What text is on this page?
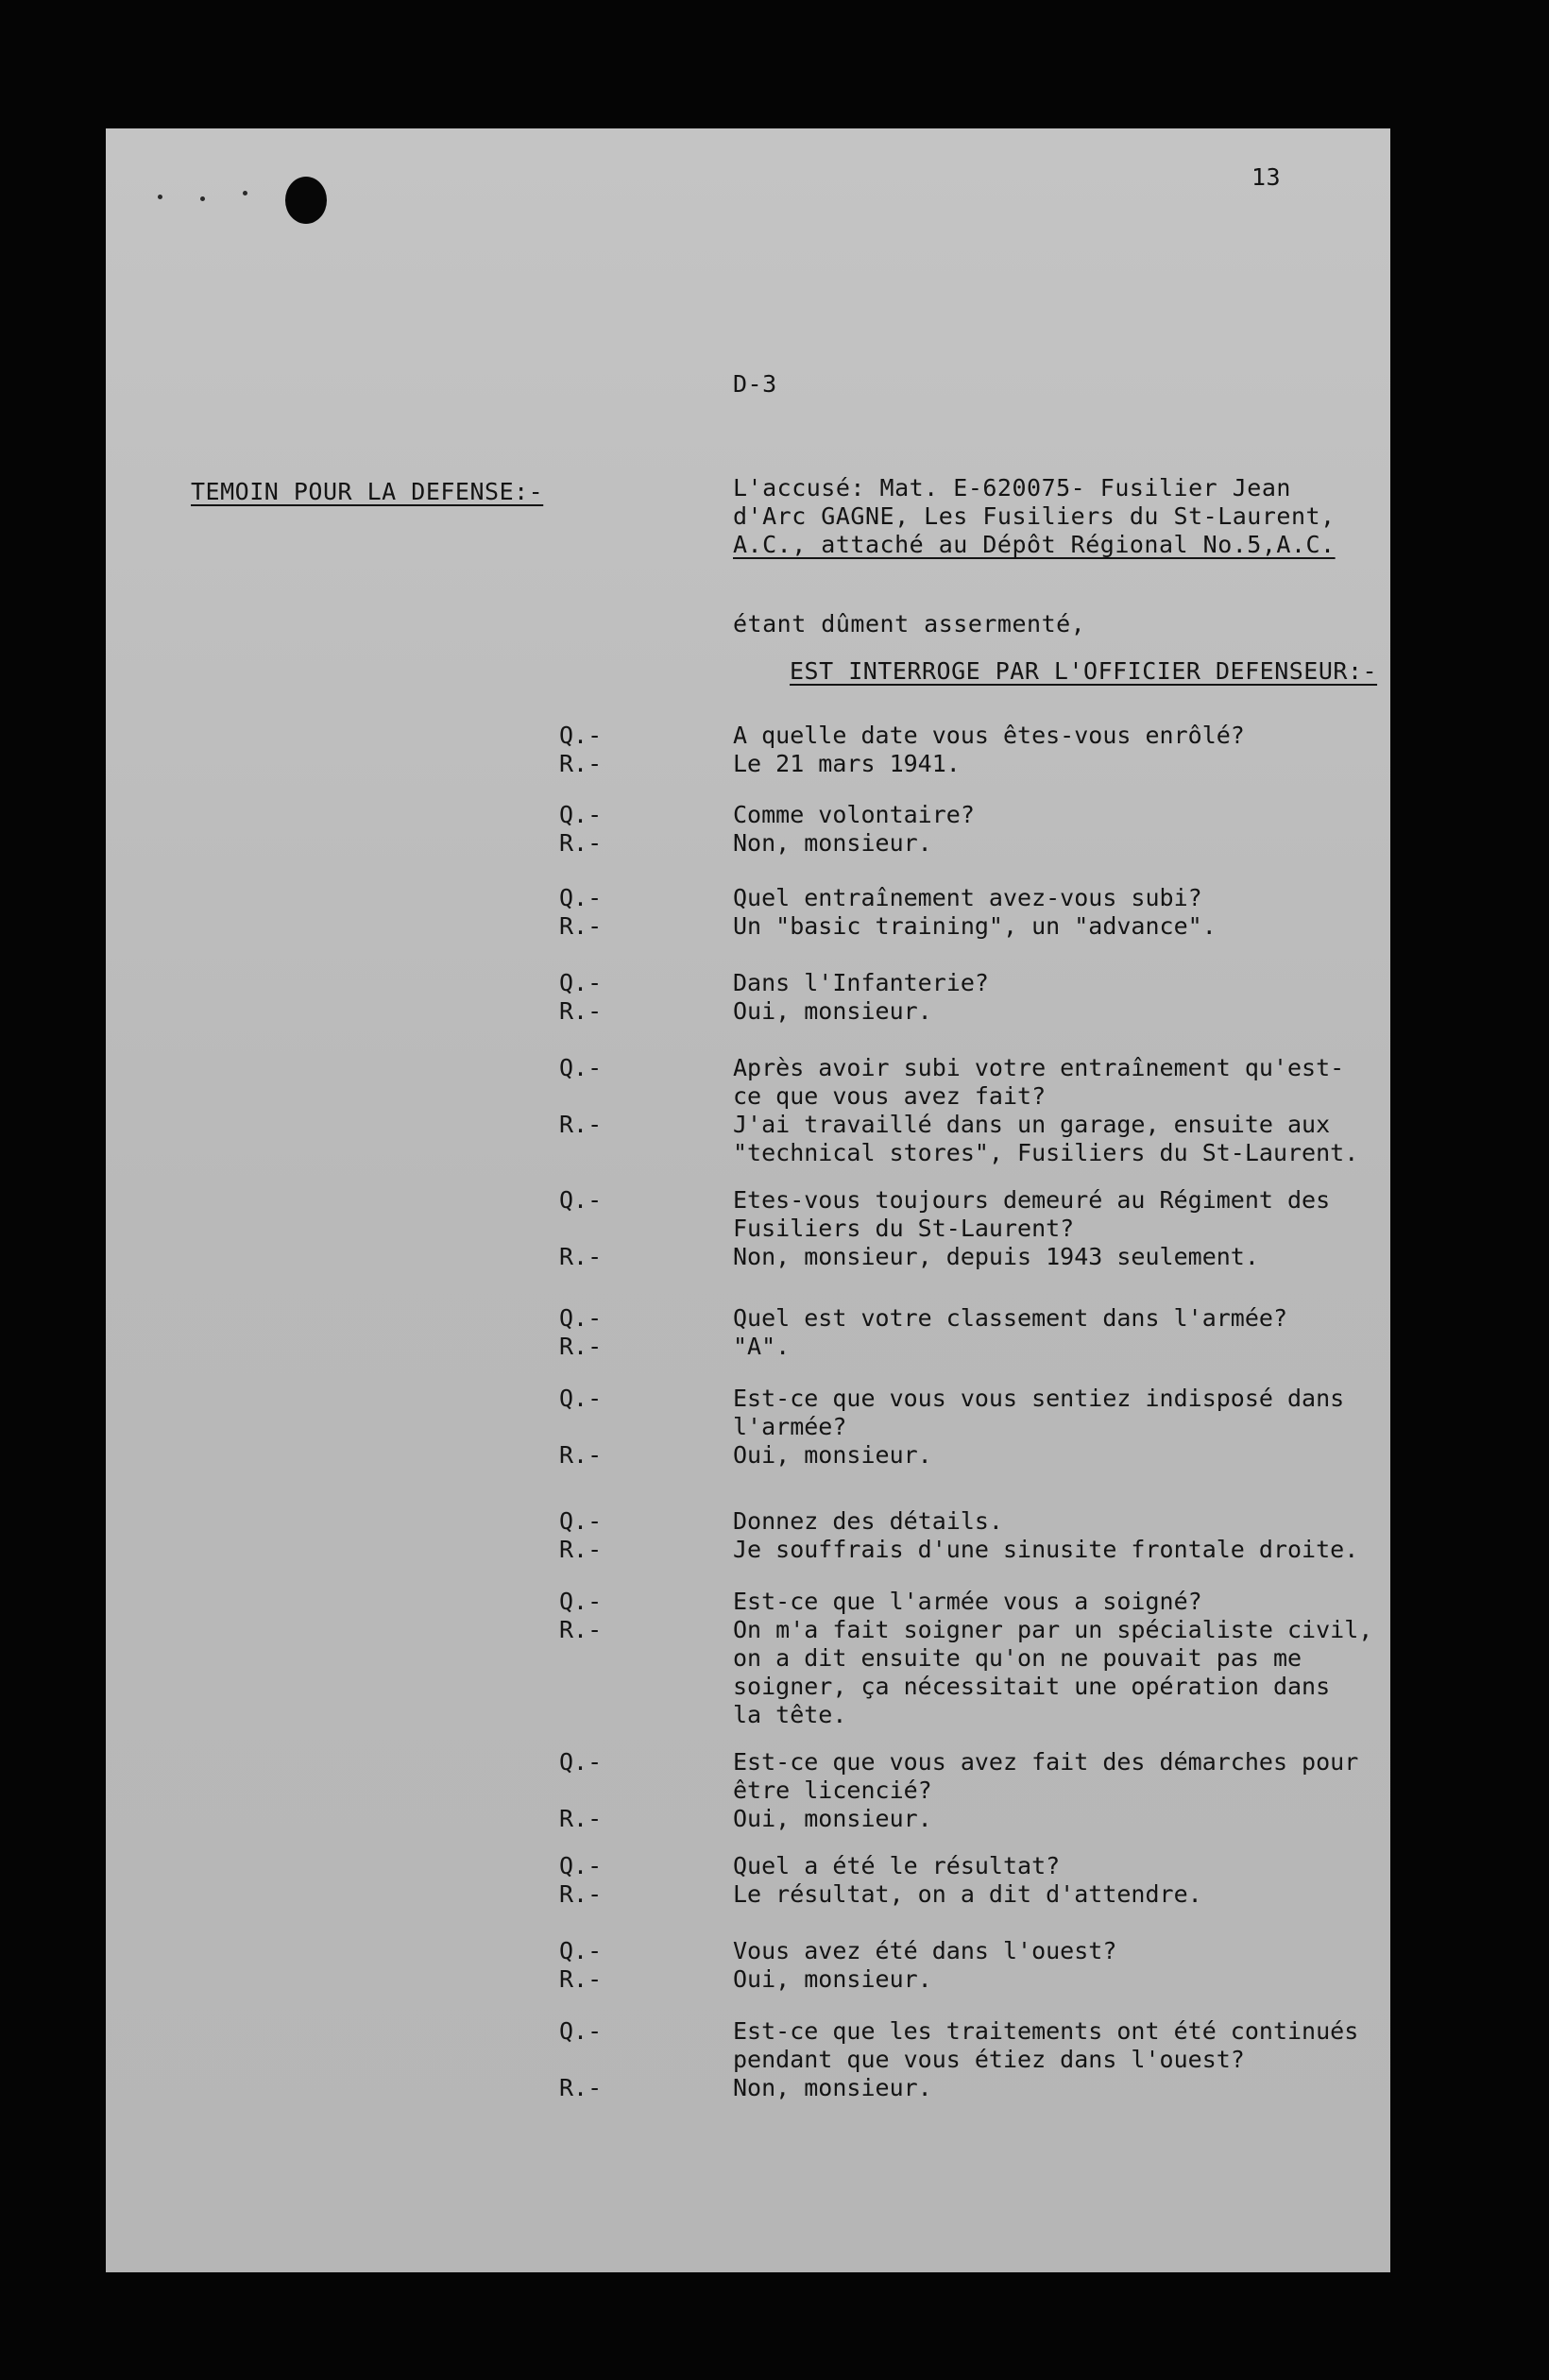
13
D-3
TEMOIN POUR LA DEFENSE:-	L'accusé: Mat. E-620075- Fusilier Jean
d'Arc GAGNE, Les Fusiliers du St-Laurent,
A.C., attaché au Dépôt Régional No.5,A.C.
étant dûment assermenté,
EST INTERROGE PAR L'OFFICIER DEFENSEUR:-
Q.-
R.-
A quelle date vous êtes-vous enrôlé?
Le 21 mars 1941.
Q.-
R.-
Comme volontaire?
Non, monsieur.
Q.-
R.-
Quel entraînement avez-vous subi?
Un "basic training", un "advance".
Q.-
R.-
Dans l'Infanterie?
Oui, monsieur.
Q.-

R.-

Après avoir subi votre entraînement qu'est-
ce que vous avez fait?
J'ai travaillé dans un garage, ensuite aux
"technical stores", Fusiliers du St-Laurent.
Q.-

R.-
Etes-vous toujours demeuré au Régiment des
Fusiliers du St-Laurent?
Non, monsieur, depuis 1943 seulement.
Q.-
R.-
Quel est votre classement dans l'armée?
"A".
Q.-

R.-
Est-ce que vous vous sentiez indisposé dans
l'armée?
Oui, monsieur.
Q.-
R.-
Donnez des détails.
Je souffrais d'une sinusite frontale droite.
Q.-
R.-

Est-ce que l'armée vous a soigné?
On m'a fait soigner par un spécialiste civil,
on a dit ensuite qu'on ne pouvait pas me
soigner, ça nécessitait une opération dans
la tête.
Q.-

R.-
Est-ce que vous avez fait des démarches pour
être licencié?
Oui, monsieur.
Q.-
R.-
Quel a été le résultat?
Le résultat, on a dit d'attendre.
Q.-
R.-
Vous avez été dans l'ouest?
Oui, monsieur.
Q.-

R.-
Est-ce que les traitements ont été continués
pendant que vous étiez dans l'ouest?
Non, monsieur.
